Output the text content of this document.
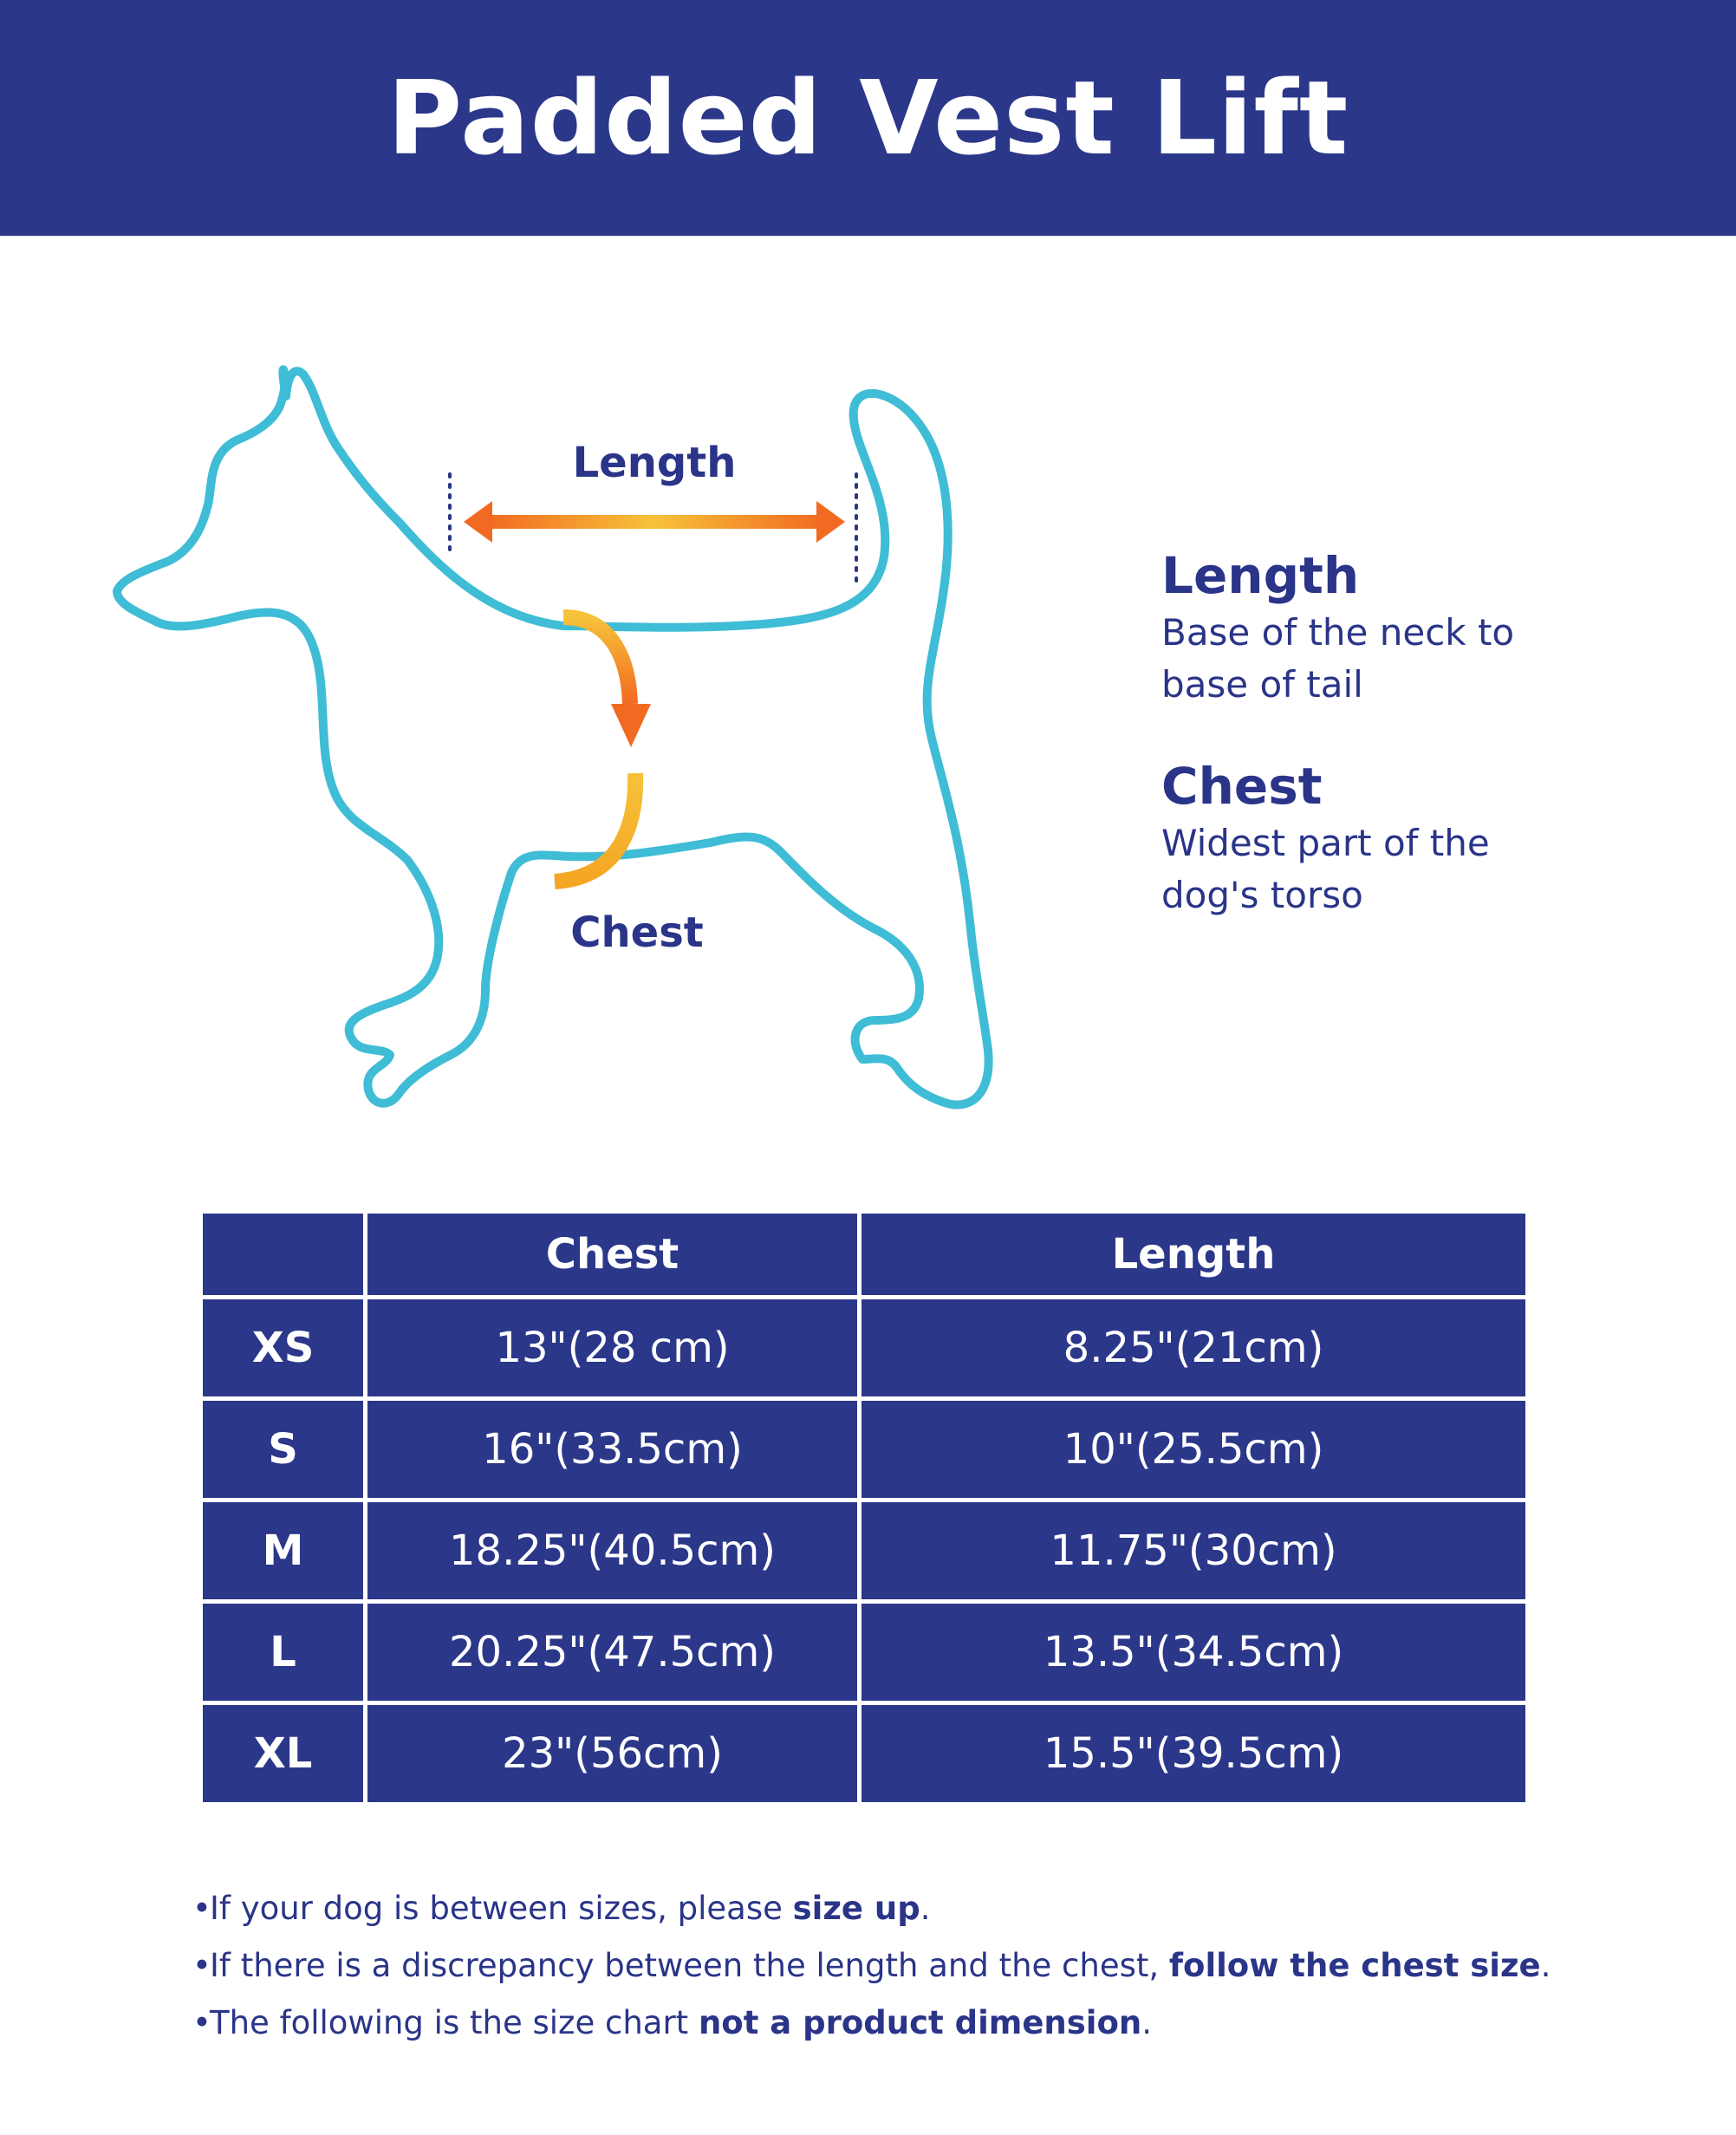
Padded Vest Lift
Length
Chest
Length
Base of the neck to
base of tail
Chest
Widest part of the
dog's torso
	Chest	Length
XS	13"(28 cm)	8.25"(21cm)
S	16"(33.5cm)	10"(25.5cm)
M	18.25"(40.5cm)	11.75"(30cm)
L	20.25"(47.5cm)	13.5"(34.5cm)
XL	23"(56cm)	15.5"(39.5cm)
•If your dog is between sizes, please size up.
•If there is a discrepancy between the length and the chest, follow the chest size.
•The following is the size chart not a product dimension.
